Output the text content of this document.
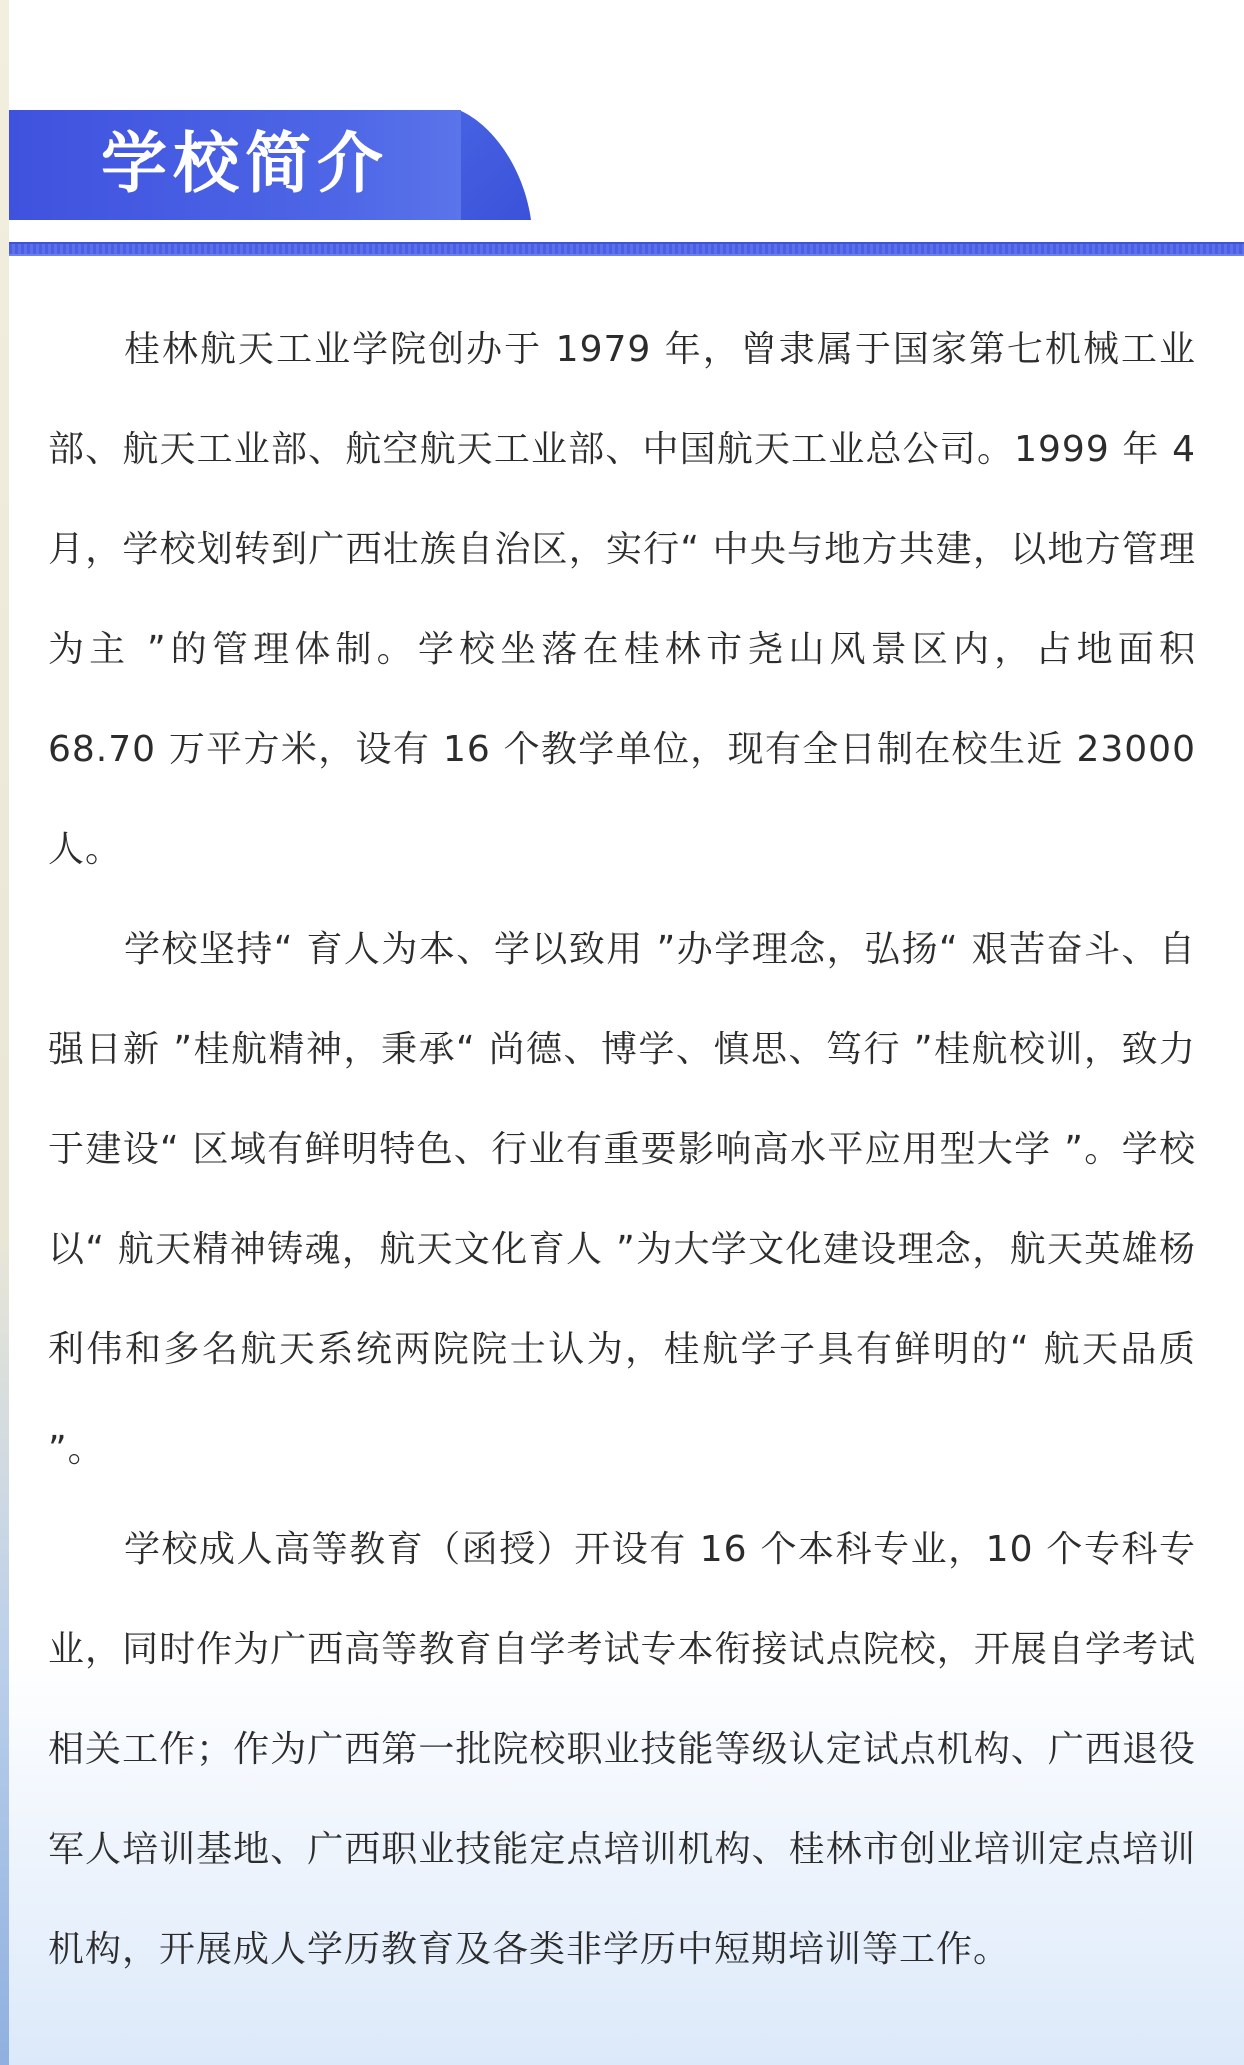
学校简介

桂林航天工业学院创办于 1979 年，曾隶属于国家第七机械工业部、航天工业部、航空航天工业部、中国航天工业总公司。1999 年 4 月，学校划转到广西壮族自治区，实行“ 中央与地方共建，以地方管理为主 ”的管理体制。学校坐落在桂林市尧山风景区内，占地面积 68.70 万平方米，设有 16 个教学单位，现有全日制在校生近 23000 人。

学校坚持“ 育人为本、学以致用 ”办学理念，弘扬“ 艰苦奋斗、自强日新 ”桂航精神，秉承“ 尚德、博学、慎思、笃行 ”桂航校训，致力于建设“ 区域有鲜明特色、行业有重要影响高水平应用型大学 ”。学校以“ 航天精神铸魂，航天文化育人 ”为大学文化建设理念，航天英雄杨利伟和多名航天系统两院院士认为，桂航学子具有鲜明的“ 航天品质 ”。

学校成人高等教育（函授）开设有 16 个本科专业，10 个专科专业，同时作为广西高等教育自学考试专本衔接试点院校，开展自学考试相关工作；作为广西第一批院校职业技能等级认定试点机构、广西退役军人培训基地、广西职业技能定点培训机构、桂林市创业培训定点培训机构，开展成人学历教育及各类非学历中短期培训等工作。
